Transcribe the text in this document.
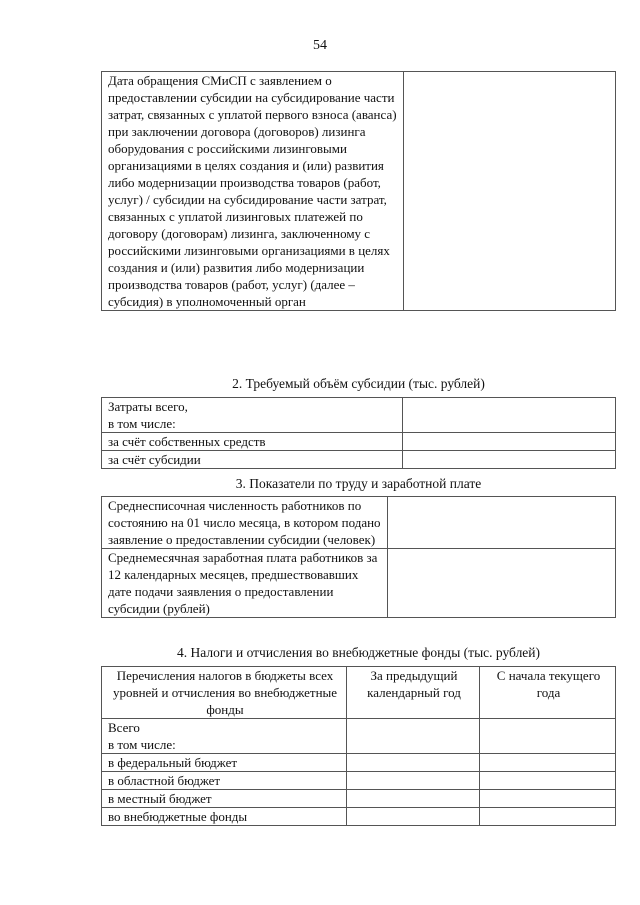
54
Дата обращения СМиСП с заявлением о предоставлении субсидии на субсидирование части затрат, связанных с уплатой первого взноса (аванса) при заключении договора (договоров) лизинга оборудования с российскими лизинговыми организациями в целях создания и (или) развития либо модернизации производства товаров (работ, услуг) / субсидии на субсидирование части затрат, связанных с уплатой лизинговых платежей по договору (договорам) лизинга, заключенному с российскими лизинговыми организациями в целях создания и (или) развития либо модернизации производства товаров (работ, услуг) (далее – субсидия) в уполномоченный орган	
2. Требуемый объём субсидии (тыс. рублей)
Затраты всего,
в том числе:	
за счёт собственных средств	
за счёт субсидии	
3. Показатели по труду и заработной плате
Среднесписочная численность работников по состоянию на 01 число месяца, в котором подано заявление о предоставлении субсидии (человек)	
Среднемесячная заработная плата работников за 12 календарных месяцев, предшествовавших дате подачи заявления о предоставлении субсидии (рублей)	
4. Налоги и отчисления во внебюджетные фонды (тыс. рублей)
Перечисления налогов в бюджеты всех уровней и отчисления во внебюджетные фонды	За предыдущий календарный год	С начала текущего года
Всего
в том числе:		
в федеральный бюджет		
в областной бюджет		
в местный бюджет		
во внебюджетные фонды		
